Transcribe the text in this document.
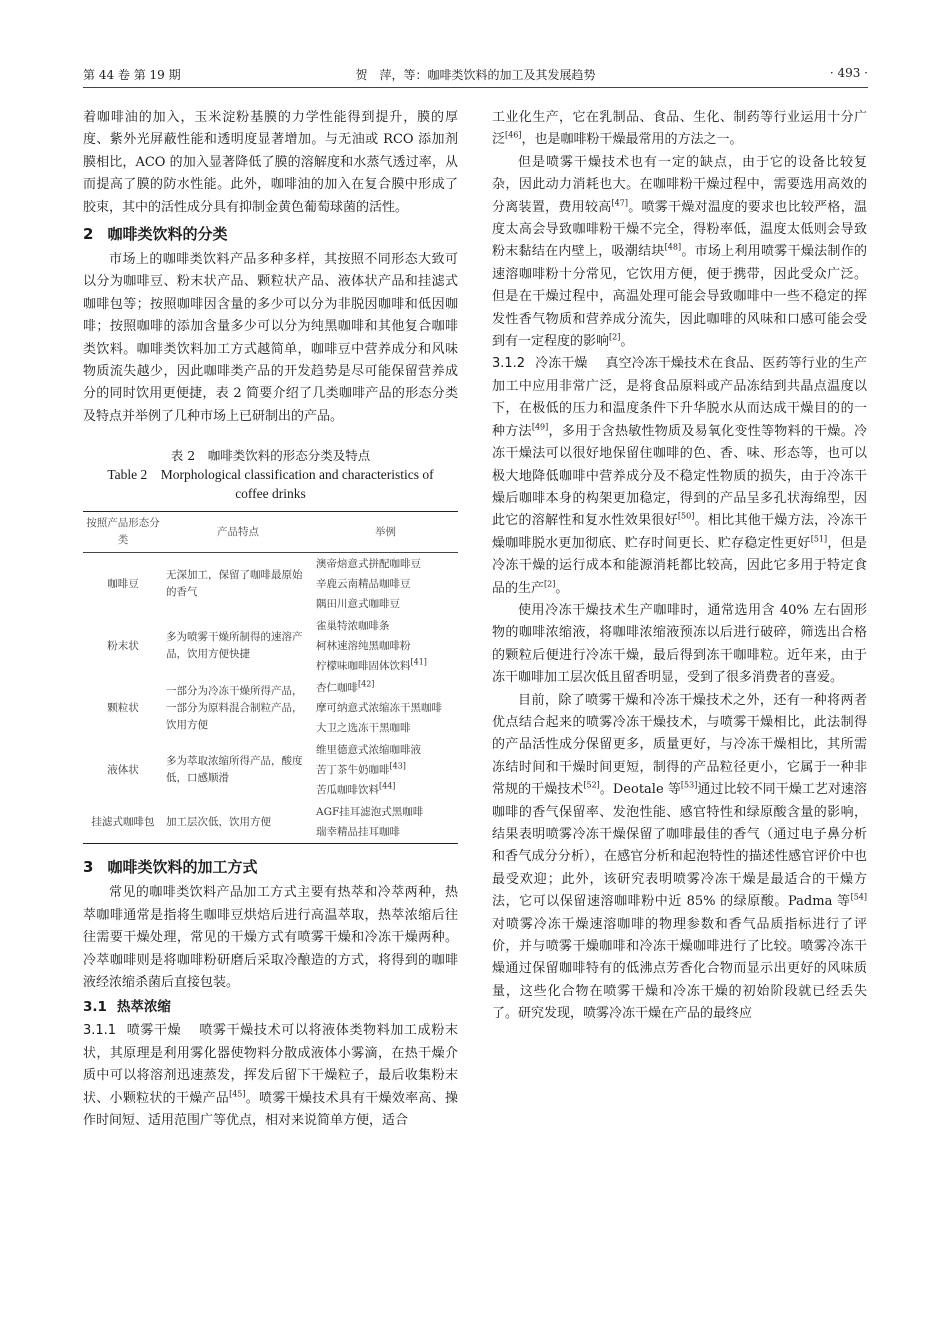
第 44 卷 第 19 期	贺　萍，等：咖啡类饮料的加工及其发展趋势	· 493 ·

着咖啡油的加入，玉米淀粉基膜的力学性能得到提升，膜的厚度、紫外光屏蔽性能和透明度显著增加。与无油或 RCO 添加剂膜相比，ACO 的加入显著降低了膜的溶解度和水蒸气透过率，从而提高了膜的防水性能。此外，咖啡油的加入在复合膜中形成了胶束，其中的活性成分具有抑制金黄色葡萄球菌的活性。

2 咖啡类饮料的分类

市场上的咖啡类饮料产品多种多样，其按照不同形态大致可以分为咖啡豆、粉末状产品、颗粒状产品、液体状产品和挂滤式咖啡包等；按照咖啡因含量的多少可以分为非脱因咖啡和低因咖啡；按照咖啡的添加含量多少可以分为纯黑咖啡和其他复合咖啡类饮料。咖啡类饮料加工方式越简单，咖啡豆中营养成分和风味物质流失越少，因此咖啡类产品的开发趋势是尽可能保留营养成分的同时饮用更便捷，表 2 简要介绍了几类咖啡产品的形态分类及特点并举例了几种市场上已研制出的产品。

表 2　咖啡类饮料的形态分类及特点
Table 2　Morphological classification and characteristics of coffee drinks
按照产品形态分类	产品特点	举例
咖啡豆	无深加工，保留了咖啡最原始的香气	澳帝焙意式拼配咖啡豆
辛鹿云南精品咖啡豆
隅田川意式咖啡豆

粉末状	多为喷雾干燥所制得的速溶产品，饮用方便快捷	雀巢特浓咖啡条
柯林速溶纯黑咖啡粉
柠檬味咖啡固体饮料[41]

颗粒状	一部分为冷冻干燥所得产品，一部分为原料混合制粒产品，饮用方便	杏仁咖啡[42]
摩可纳意式浓缩冻干黑咖啡
大卫之选冻干黑咖啡

液体状	多为萃取浓缩所得产品，酸度低，口感顺滑	维里德意式浓缩咖啡液
苦丁茶牛奶咖啡[43]
苦瓜咖啡饮料[44]

挂滤式咖啡包	加工层次低，饮用方便	AGF挂耳滤泡式黑咖啡
瑞幸精品挂耳咖啡
3 咖啡类饮料的加工方式

常见的咖啡类饮料产品加工方式主要有热萃和冷萃两种，热萃咖啡通常是指将生咖啡豆烘焙后进行高温萃取，热萃浓缩后往往需要干燥处理，常见的干燥方式有喷雾干燥和冷冻干燥两种。冷萃咖啡则是将咖啡粉研磨后采取冷酿造的方式，将得到的咖啡液经浓缩杀菌后直接包装。

3.1 热萃浓缩

3.1.1 喷雾干燥 喷雾干燥技术可以将液体类物料加工成粉末状，其原理是利用雾化器使物料分散成液体小雾滴，在热干燥介质中可以将溶剂迅速蒸发，挥发后留下干燥粒子，最后收集粉末状、小颗粒状的干燥产品[45]。喷雾干燥技术具有干燥效率高、操作时间短、适用范围广等优点，相对来说简单方便，适合

工业化生产，它在乳制品、食品、生化、制药等行业运用十分广泛[46]，也是咖啡粉干燥最常用的方法之一。

但是喷雾干燥技术也有一定的缺点，由于它的设备比较复杂，因此动力消耗也大。在咖啡粉干燥过程中，需要选用高效的分离装置，费用较高[47]。喷雾干燥对温度的要求也比较严格，温度太高会导致咖啡粉干燥不完全，得粉率低，温度太低则会导致粉末黏结在内壁上，吸潮结块[48]。市场上利用喷雾干燥法制作的速溶咖啡粉十分常见，它饮用方便，便于携带，因此受众广泛。但是在干燥过程中，高温处理可能会导致咖啡中一些不稳定的挥发性香气物质和营养成分流失，因此咖啡的风味和口感可能会受到有一定程度的影响[2]。

3.1.2 冷冻干燥 真空冷冻干燥技术在食品、医药等行业的生产加工中应用非常广泛，是将食品原料或产品冻结到共晶点温度以下，在极低的压力和温度条件下升华脱水从而达成干燥目的的一种方法[49]，多用于含热敏性物质及易氧化变性等物料的干燥。冷冻干燥法可以很好地保留住咖啡的色、香、味、形态等，也可以极大地降低咖啡中营养成分及不稳定性物质的损失，由于冷冻干燥后咖啡本身的构架更加稳定，得到的产品呈多孔状海绵型，因此它的溶解性和复水性效果很好[50]。相比其他干燥方法，冷冻干燥咖啡脱水更加彻底、贮存时间更长、贮存稳定性更好[51]，但是冷冻干燥的运行成本和能源消耗都比较高，因此它多用于特定食品的生产[2]。

使用冷冻干燥技术生产咖啡时，通常选用含 40% 左右固形物的咖啡浓缩液，将咖啡浓缩液预冻以后进行破碎，筛选出合格的颗粒后便进行冷冻干燥，最后得到冻干咖啡粒。近年来，由于冻干咖啡加工层次低且留香明显，受到了很多消费者的喜爱。

目前，除了喷雾干燥和冷冻干燥技术之外，还有一种将两者优点结合起来的喷雾冷冻干燥技术，与喷雾干燥相比，此法制得的产品活性成分保留更多，质量更好，与冷冻干燥相比，其所需冻结时间和干燥时间更短，制得的产品粒径更小，它属于一种非常规的干燥技术[52]。Deotale 等[53]通过比较不同干燥工艺对速溶咖啡的香气保留率、发泡性能、感官特性和绿原酸含量的影响，结果表明喷雾冷冻干燥保留了咖啡最佳的香气（通过电子鼻分析和香气成分分析），在感官分析和起泡特性的描述性感官评价中也最受欢迎；此外，该研究表明喷雾冷冻干燥是最适合的干燥方法，它可以保留速溶咖啡粉中近 85% 的绿原酸。Padma 等[54]对喷雾冷冻干燥速溶咖啡的物理参数和香气品质指标进行了评价，并与喷雾干燥咖啡和冷冻干燥咖啡进行了比较。喷雾冷冻干燥通过保留咖啡特有的低沸点芳香化合物而显示出更好的风味质量，这些化合物在喷雾干燥和冷冻干燥的初始阶段就已经丢失了。研究发现，喷雾冷冻干燥在产品的最终应
